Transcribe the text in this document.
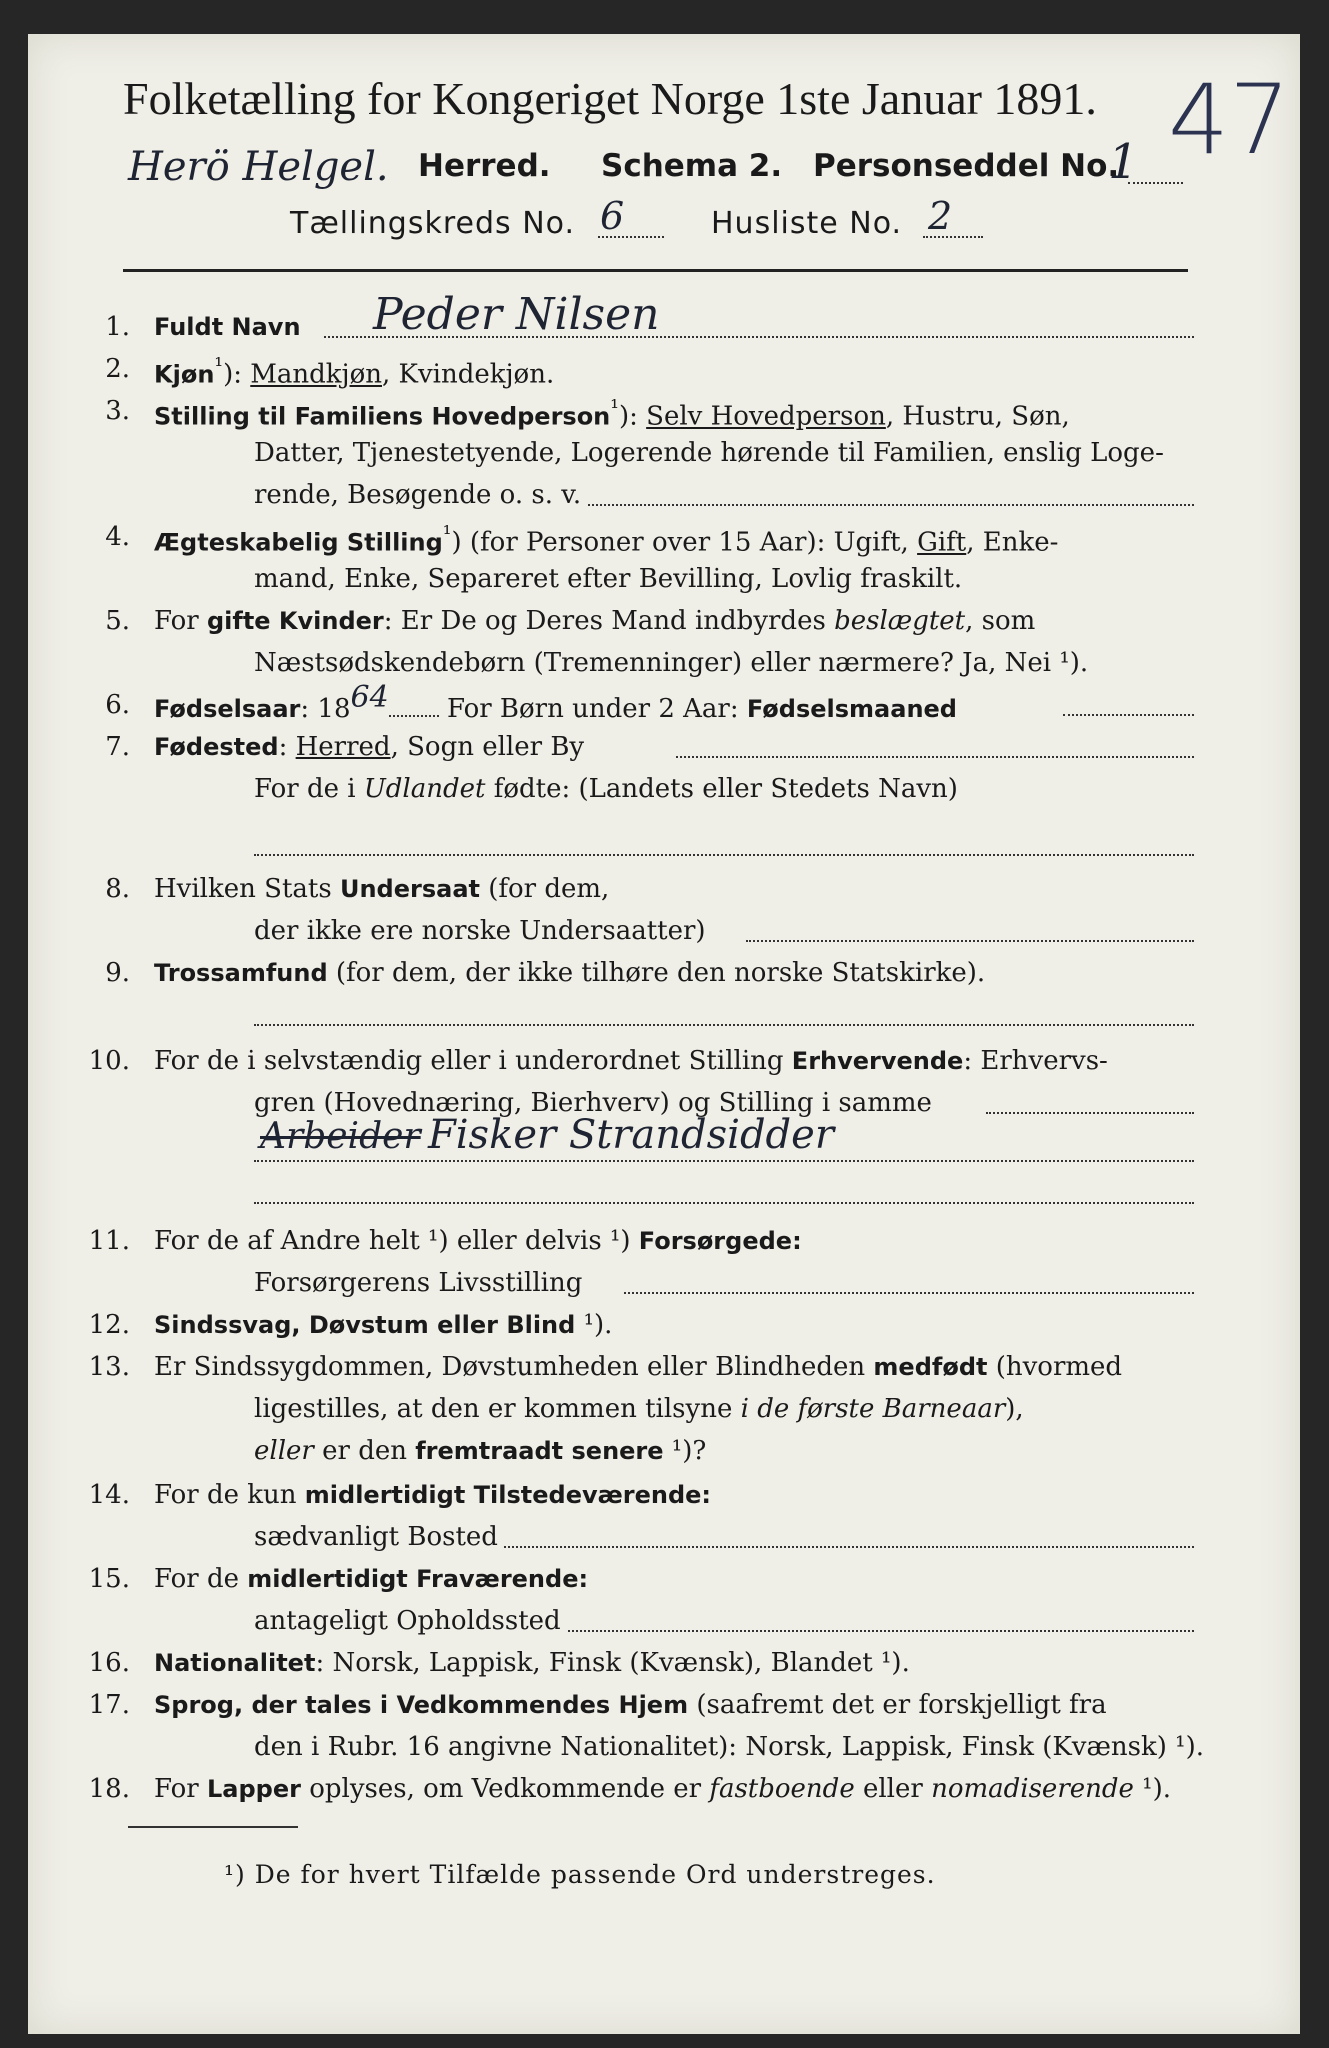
Folketælling for Kongeriget Norge 1ste Januar 1891. 47
Herö Helgel. Herred. Schema 2. Personseddel No.
1
Tællingskreds No. 6	Husliste No. 2
1. Fuldt Navn Peder Nilsen
2. Kjøn$^{^1}$): Mandkjøn, Kvindekjøn.
3. Stilling til Familiens Hovedperson$^{^1}$): Selv Hovedperson, Hustru, Søn,
Datter, Tjenestetyende, Logerende hørende til Familien, enslig Loge-
rende, Besøgende o. s. v.
4. Ægteskabelig Stilling$^{^1}$) (for Personer over 15 Aar): Ugift, Gift, Enke-
mand, Enke, Separeret efter Bevilling, Lovlig fraskilt.
5. For gifte Kvinder: Er De og Deres Mand indbyrdes beslægtet, som
Næstsødskendebørn (Tremenninger) eller nærmere? Ja, Nei ¹).
6. Fødselsaar: 1864 For Børn under 2 Aar: Fødselsmaaned
7. Fødested: Herred, Sogn eller By
For de i Udlandet fødte: (Landets eller Stedets Navn)
8. Hvilken Stats Undersaat (for dem,
der ikke ere norske Undersaatter)
9. Trossamfund (for dem, der ikke tilhøre den norske Statskirke).
10. For de i selvstændig eller i underordnet Stilling Erhvervende: Erhvervs-
gren (Hovednæring, Bierhverv) og Stilling i samme
Arbeider Fisker Strandsidder
11. For de af Andre helt ¹) eller delvis ¹) Forsørgede:
Forsørgerens Livsstilling
12. Sindssvag, Døvstum eller Blind ¹).
13. Er Sindssygdommen, Døvstumheden eller Blindheden medfødt (hvormed
ligestilles, at den er kommen tilsyne i de første Barneaar),
eller er den fremtraadt senere ¹)?
14. For de kun midlertidigt Tilstedeværende:
sædvanligt Bosted
15. For de midlertidigt Fraværende:
antageligt Opholdssted
16. Nationalitet: Norsk, Lappisk, Finsk (Kvænsk), Blandet ¹).
17. Sprog, der tales i Vedkommendes Hjem (saafremt det er forskjelligt fra
den i Rubr. 16 angivne Nationalitet): Norsk, Lappisk, Finsk (Kvænsk) ¹).
18. For Lapper oplyses, om Vedkommende er fastboende eller nomadiserende ¹).
¹) De for hvert Tilfælde passende Ord understreges.
